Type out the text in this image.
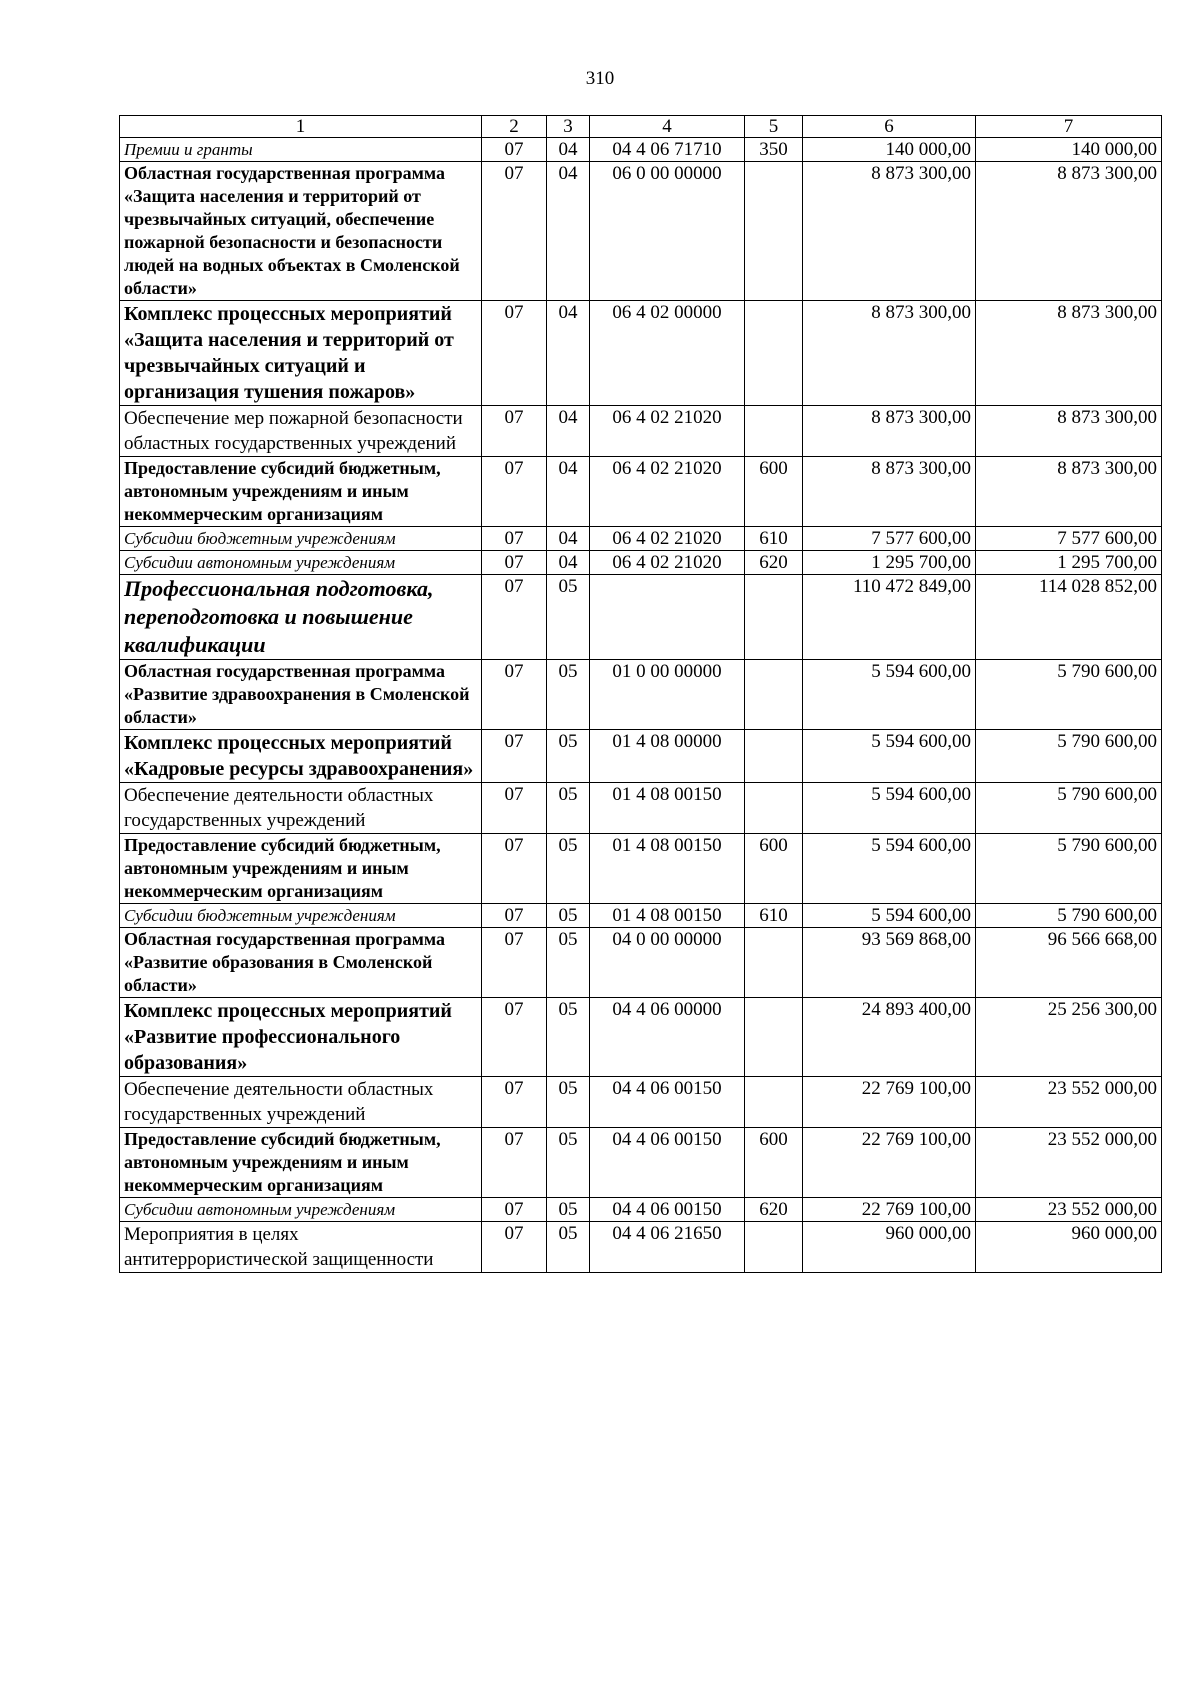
310
1	2	3	4	5	6	7
Премии и гранты	07	04	04 4 06 71710	350	140 000,00	140 000,00
Областная государственная программа «Защита населения и территорий от чрезвычайных ситуаций, обеспечение пожарной безопасности и безопасности людей на водных объектах в Смоленской области»	07	04	06 0 00 00000		8 873 300,00	8 873 300,00
Комплекс процессных мероприятий «Защита населения и территорий от чрезвычайных ситуаций и организация тушения пожаров»	07	04	06 4 02 00000		8 873 300,00	8 873 300,00
Обеспечение мер пожарной безопасности областных государственных учреждений	07	04	06 4 02 21020		8 873 300,00	8 873 300,00
Предоставление субсидий бюджетным, автономным учреждениям и иным некоммерческим организациям	07	04	06 4 02 21020	600	8 873 300,00	8 873 300,00
Субсидии бюджетным учреждениям	07	04	06 4 02 21020	610	7 577 600,00	7 577 600,00
Субсидии автономным учреждениям	07	04	06 4 02 21020	620	1 295 700,00	1 295 700,00
Профессиональная подготовка, переподготовка и повышение квалификации	07	05			110 472 849,00	114 028 852,00
Областная государственная программа «Развитие здравоохранения в Смоленской области»	07	05	01 0 00 00000		5 594 600,00	5 790 600,00
Комплекс процессных мероприятий «Кадровые ресурсы здравоохранения»	07	05	01 4 08 00000		5 594 600,00	5 790 600,00
Обеспечение деятельности областных государственных учреждений	07	05	01 4 08 00150		5 594 600,00	5 790 600,00
Предоставление субсидий бюджетным, автономным учреждениям и иным некоммерческим организациям	07	05	01 4 08 00150	600	5 594 600,00	5 790 600,00
Субсидии бюджетным учреждениям	07	05	01 4 08 00150	610	5 594 600,00	5 790 600,00
Областная государственная программа «Развитие образования в Смоленской области»	07	05	04 0 00 00000		93 569 868,00	96 566 668,00
Комплекс процессных мероприятий «Развитие профессионального образования»	07	05	04 4 06 00000		24 893 400,00	25 256 300,00
Обеспечение деятельности областных государственных учреждений	07	05	04 4 06 00150		22 769 100,00	23 552 000,00
Предоставление субсидий бюджетным, автономным учреждениям и иным некоммерческим организациям	07	05	04 4 06 00150	600	22 769 100,00	23 552 000,00
Субсидии автономным учреждениям	07	05	04 4 06 00150	620	22 769 100,00	23 552 000,00
Мероприятия в целях антитеррористической защищенности	07	05	04 4 06 21650		960 000,00	960 000,00
